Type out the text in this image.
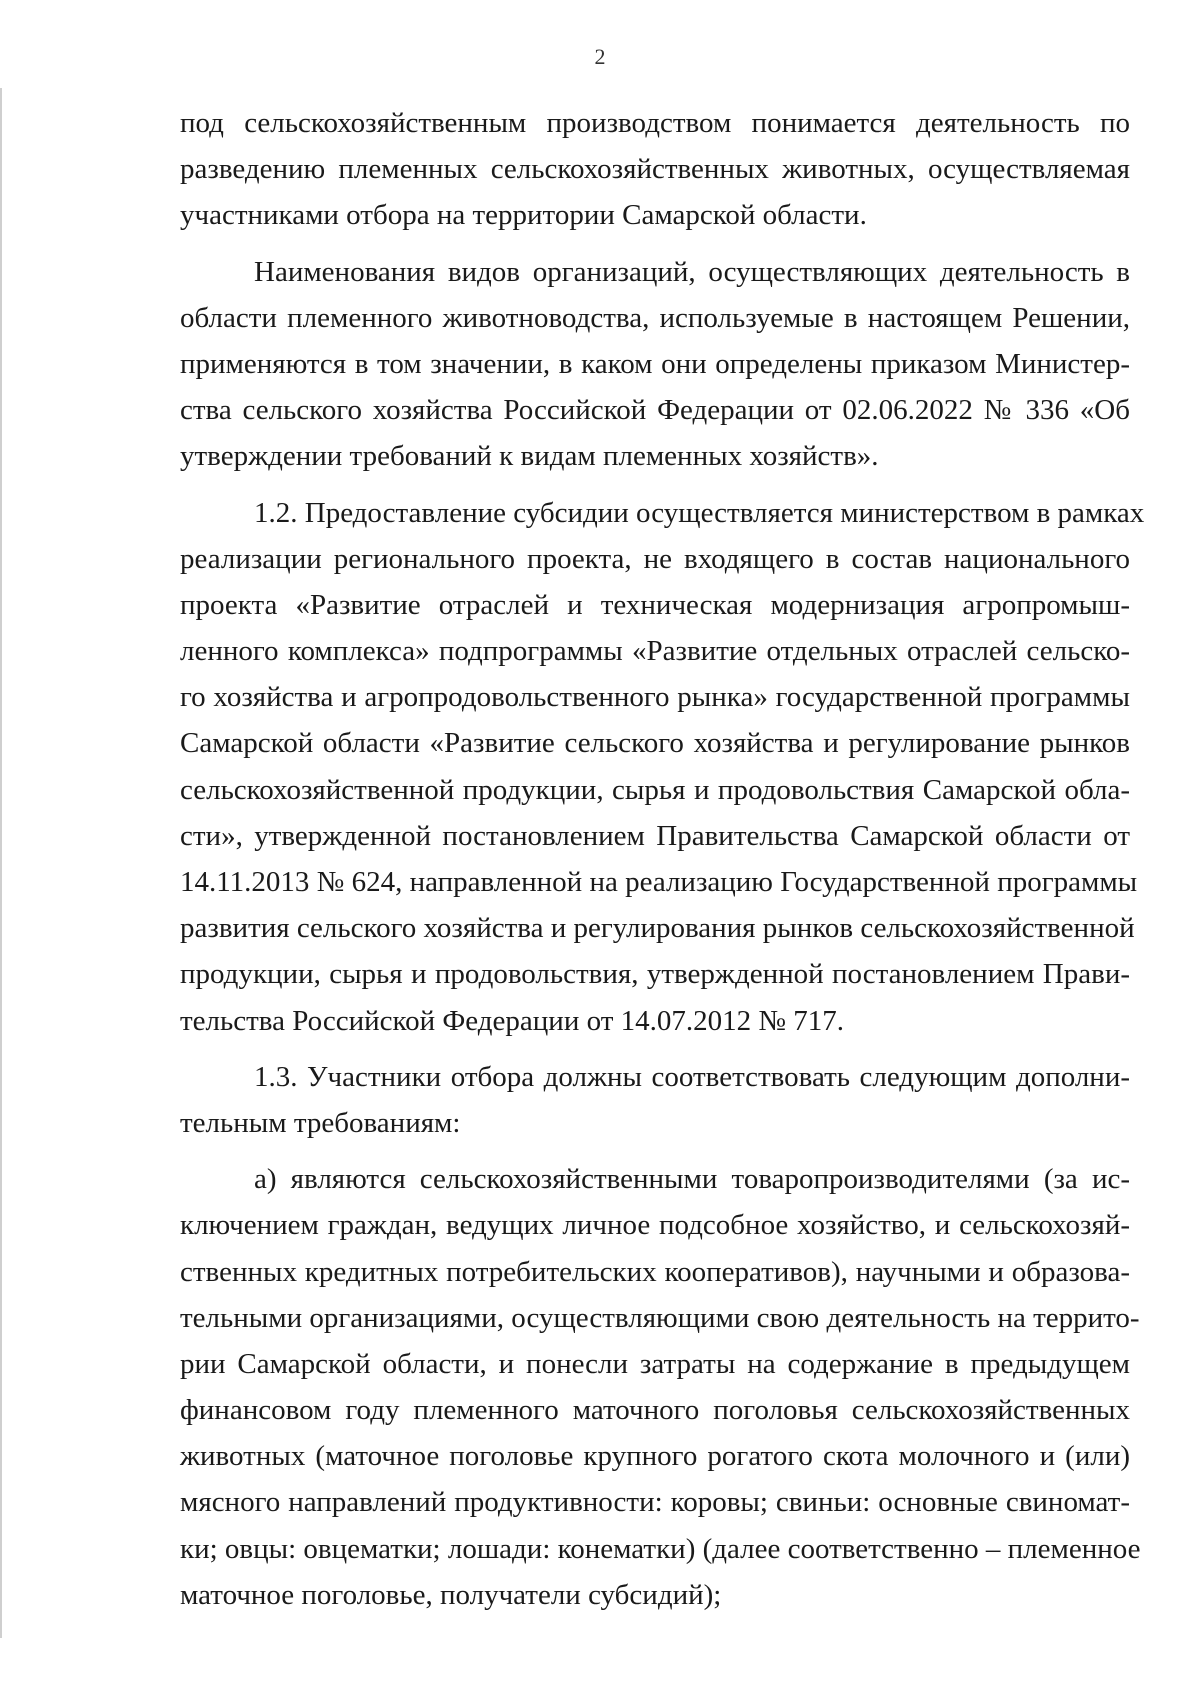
2
под сельскохозяйственным производством понимается деятельность по
разведению племенных сельскохозяйственных животных, осуществляемая
участниками отбора на территории Самарской области.
Наименования видов организаций, осуществляющих деятельность в
области племенного животноводства, используемые в настоящем Решении,
применяются в том значении, в каком они определены приказом Министер-
ства сельского хозяйства Российской Федерации от 02.06.2022 № 336 «Об
утверждении требований к видам племенных хозяйств».
1.2. Предоставление субсидии осуществляется министерством в рамках
реализации регионального проекта, не входящего в состав национального
проекта «Развитие отраслей и техническая модернизация агропромыш-
ленного комплекса» подпрограммы «Развитие отдельных отраслей сельско-
го хозяйства и агропродовольственного рынка» государственной программы
Самарской области «Развитие сельского хозяйства и регулирование рынков
сельскохозяйственной продукции, сырья и продовольствия Самарской обла-
сти», утвержденной постановлением Правительства Самарской области от
14.11.2013 № 624, направленной на реализацию Государственной программы
развития сельского хозяйства и регулирования рынков сельскохозяйственной
продукции, сырья и продовольствия, утвержденной постановлением Прави-
тельства Российской Федерации от 14.07.2012 № 717.
1.3. Участники отбора должны соответствовать следующим дополни-
тельным требованиям:
а) являются сельскохозяйственными товаропроизводителями (за ис-
ключением граждан, ведущих личное подсобное хозяйство, и сельскохозяй-
ственных кредитных потребительских кооперативов), научными и образова-
тельными организациями, осуществляющими свою деятельность на террито-
рии Самарской области, и понесли затраты на содержание в предыдущем
финансовом году племенного маточного поголовья сельскохозяйственных
животных (маточное поголовье крупного рогатого скота молочного и (или)
мясного направлений продуктивности: коровы; свиньи: основные свиномат-
ки; овцы: овцематки; лошади: конематки) (далее соответственно – племенное
маточное поголовье, получатели субсидий);
